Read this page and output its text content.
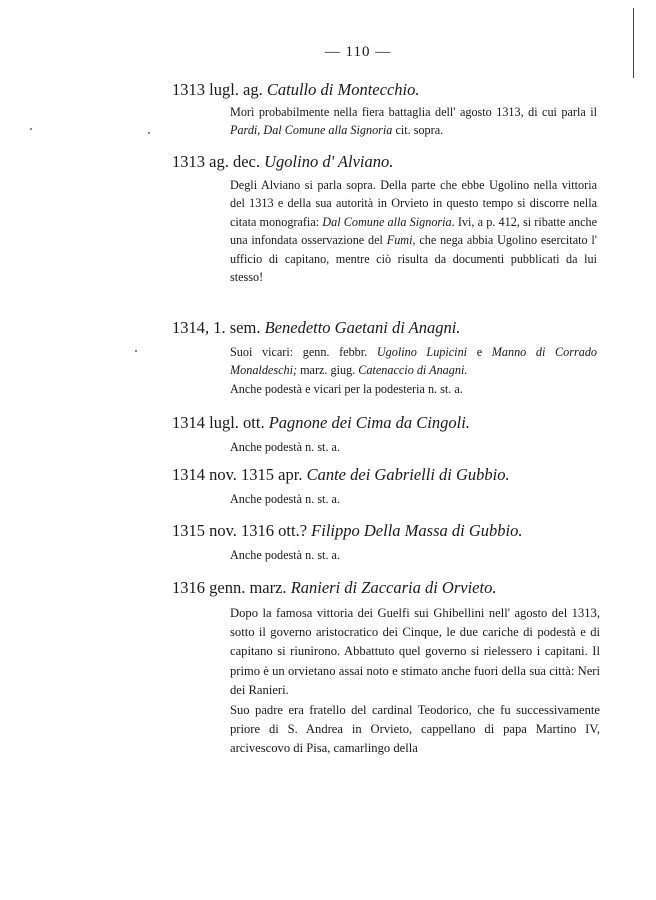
— 110 —
1313 lugl. ag. Catullo di Montecchio.

Morì probabilmente nella fiera battaglia dell' agosto 1313, di cui parla il Pardi, Dal Comune alla Signoria cit. sopra.

1313 ag. dec. Ugolino d' Alviano.

Degli Alviano si parla sopra. Della parte che ebbe Ugolino nella vittoria del 1313 e della sua autorità in Orvieto in questo tempo si discorre nella citata monografia: Dal Comune alla Signoria. Ivi, a p. 412, si ribatte anche una infondata osservazione del Fumi, che nega abbia Ugolino esercitato l' ufficio di capitano, mentre ciò risulta da documenti pubblicati da lui stesso!

1314, 1. sem. Benedetto Gaetani di Anagni.

Suoi vicari: genn. febbr. Ugolino Lupicini e Manno di Corrado Monaldeschi; marz. giug. Catenaccio di Anagni.

Anche podestà e vicari per la podesteria n. st. a.

1314 lugl. ott. Pagnone dei Cima da Cingoli.
Anche podestà n. st. a.
1314 nov. 1315 apr. Cante dei Gabrielli di Gubbio.
Anche podestà n. st. a.
1315 nov. 1316 ott.? Filippo Della Massa di Gubbio.
Anche podestà n. st. a.
1316 genn. marz. Ranieri di Zaccaria di Orvieto.

Dopo la famosa vittoria dei Guelfi sui Ghibellini nell' agosto del 1313, sotto il governo aristocratico dei Cinque, le due cariche di podestà e di capitano si riunirono. Abbattuto quel governo si rielessero i capitani. Il primo è un orvietano assai noto e stimato anche fuori della sua città: Neri dei Ranieri.

Suo padre era fratello del cardinal Teodorico, che fu successivamente priore di S. Andrea in Orvieto, cappellano di papa Martino IV, arcivescovo di Pisa, camarlingo della
